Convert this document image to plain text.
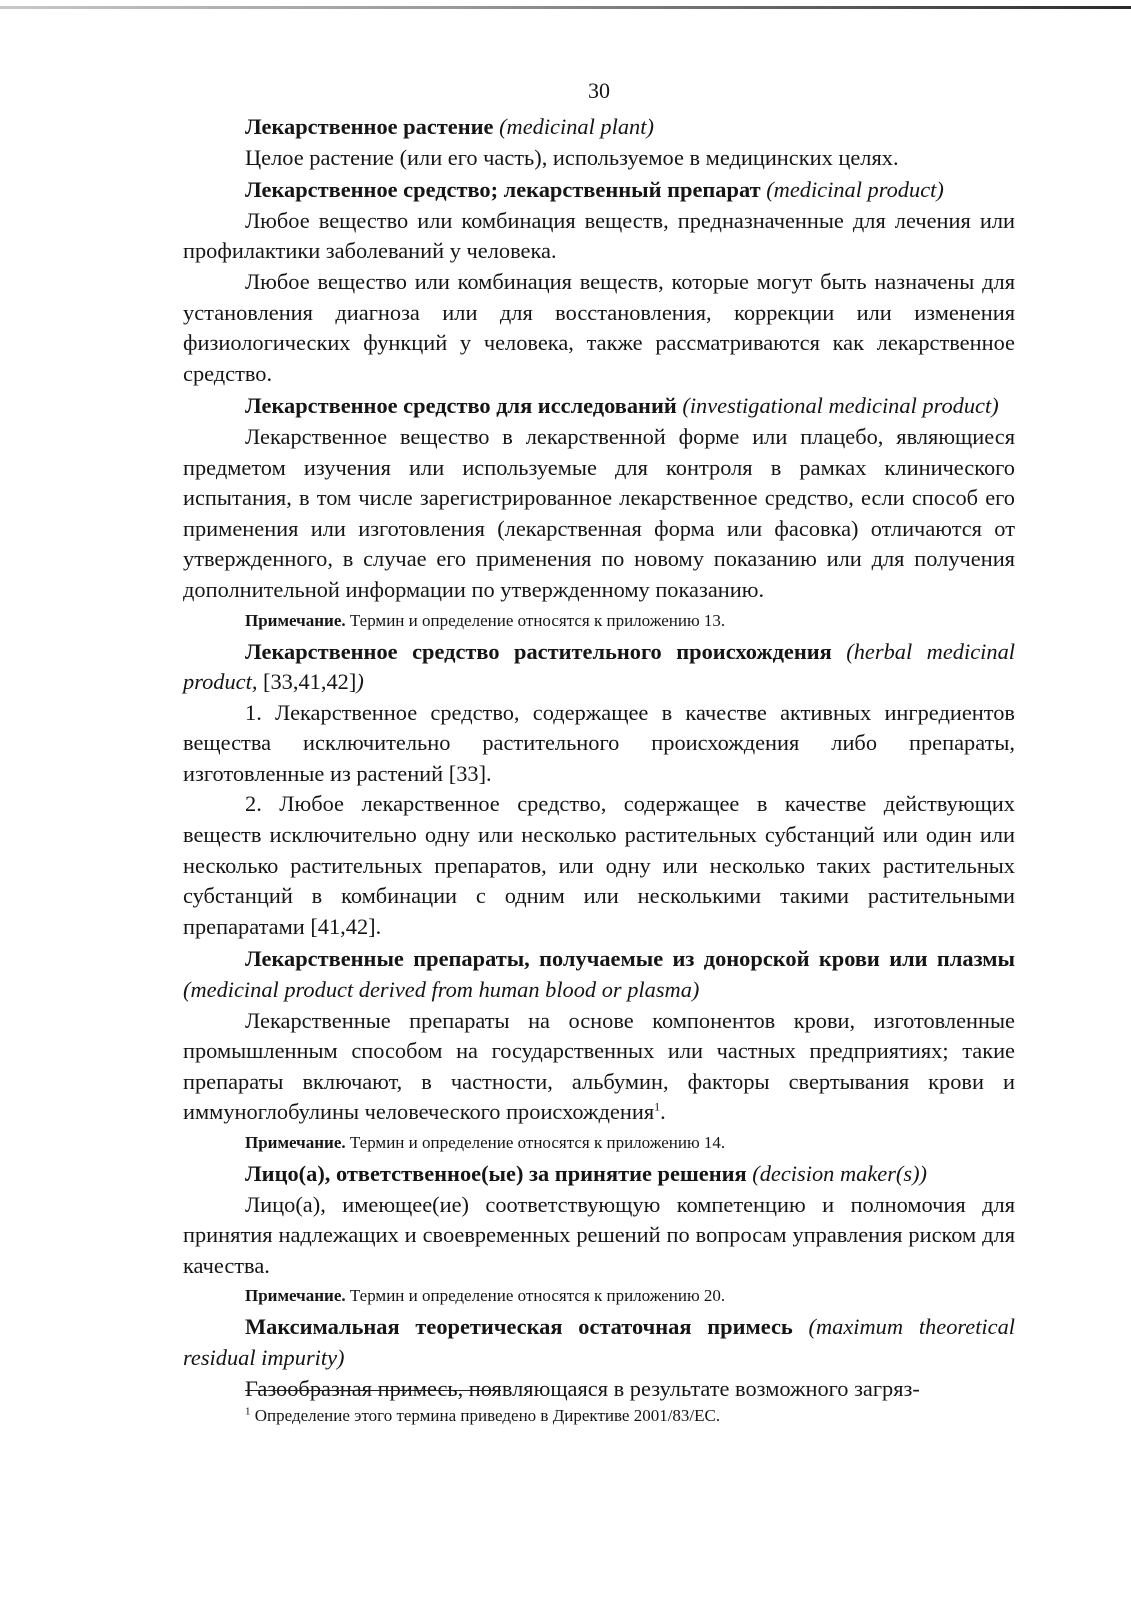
30

Лекарственное растение (medicinal plant)

Целое растение (или его часть), используемое в медицинских целях.

Лекарственное средство; лекарственный препарат (medicinal product)

Любое вещество или комбинация веществ, предназначенные для лечения или профилактики заболеваний у человека.

Любое вещество или комбинация веществ, которые могут быть назначены для установления диагноза или для восстановления, коррекции или изменения физиологических функций у человека, также рассматриваются как лекарственное средство.

Лекарственное средство для исследований (investigational medicinal product)

Лекарственное вещество в лекарственной форме или плацебо, являющиеся предметом изучения или используемые для контроля в рамках клинического испытания, в том числе зарегистрированное лекарственное средство, если способ его применения или изготовления (лекарственная форма или фасовка) отличаются от утвержденного, в случае его применения по новому показанию или для получения дополнительной информации по утвержденному показанию.

Примечание. Термин и определение относятся к приложению 13.

Лекарственное средство растительного происхождения (herbal medicinal product, [33,41,42])

1. Лекарственное средство, содержащее в качестве активных ингредиентов вещества исключительно растительного происхождения либо препараты, изготовленные из растений [33].

2. Любое лекарственное средство, содержащее в качестве действующих веществ исключительно одну или несколько растительных субстанций или один или несколько растительных препаратов, или одну или несколько таких растительных субстанций в комбинации с одним или несколькими такими растительными препаратами [41,42].

Лекарственные препараты, получаемые из донорской крови или плазмы (medicinal product derived from human blood or plasma)

Лекарственные препараты на основе компонентов крови, изготовленные промышленным способом на государственных или частных предприятиях; такие препараты включают, в частности, альбумин, факторы свертывания крови и иммуноглобулины человеческого происхождения$^1$.

Примечание. Термин и определение относятся к приложению 14.

Лицо(а), ответственное(ые) за принятие решения (decision maker(s))

Лицо(а), имеющее(ие) соответствующую компетенцию и полномочия для принятия надлежащих и своевременных решений по вопросам управления риском для качества.

Примечание. Термин и определение относятся к приложению 20.

Максимальная теоретическая остаточная примесь (maximum theoretical residual impurity)

Газообразная примесь, появляющаяся в результате возможного загряз-

$^1$ Определение этого термина приведено в Директиве 2001/83/ЕС.
